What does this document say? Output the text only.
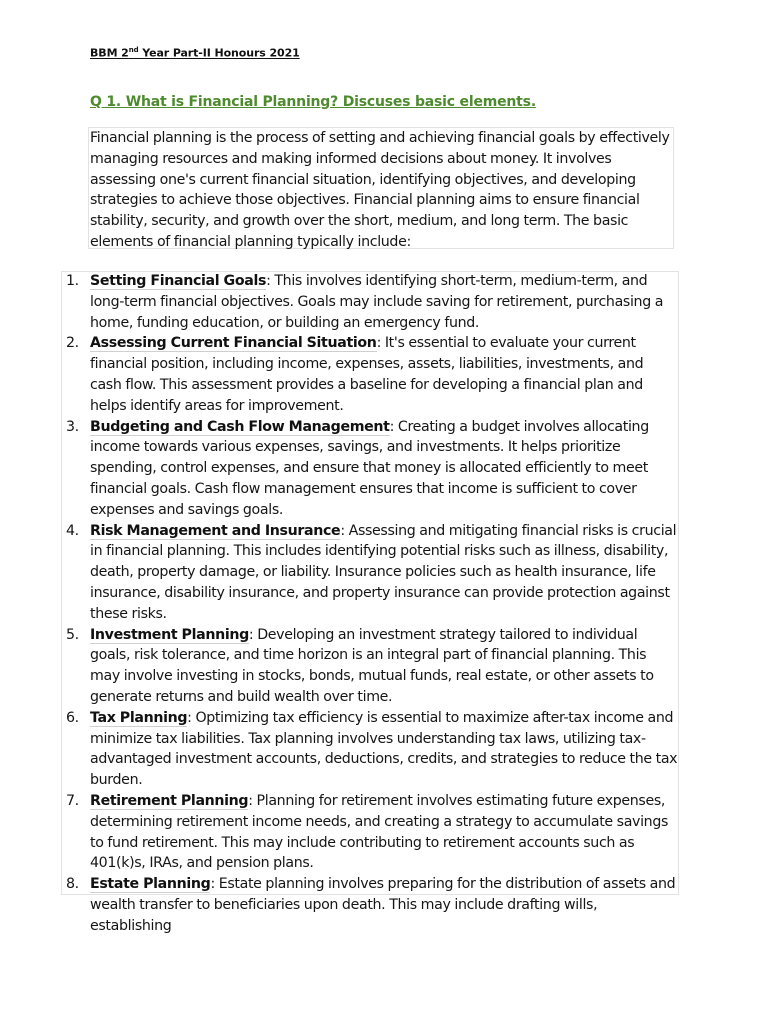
BBM 2nd Year Part-II Honours 2021
Q 1. What is Financial Planning? Discuses basic elements.

Financial planning is the process of setting and achieving financial goals by effectively managing resources and making informed decisions about money. It involves assessing one's current financial situation, identifying objectives, and developing strategies to achieve those objectives. Financial planning aims to ensure financial stability, security, and growth over the short, medium, and long term. The basic elements of financial planning typically include:

1. Setting Financial Goals: This involves identifying short-term, medium-term, and long-term financial objectives. Goals may include saving for retirement, purchasing a home, funding education, or building an emergency fund.
2. Assessing Current Financial Situation: It's essential to evaluate your current financial position, including income, expenses, assets, liabilities, investments, and cash flow. This assessment provides a baseline for developing a financial plan and helps identify areas for improvement.
3. Budgeting and Cash Flow Management: Creating a budget involves allocating income towards various expenses, savings, and investments. It helps prioritize spending, control expenses, and ensure that money is allocated efficiently to meet financial goals. Cash flow management ensures that income is sufficient to cover expenses and savings goals.
4. Risk Management and Insurance: Assessing and mitigating financial risks is crucial in financial planning. This includes identifying potential risks such as illness, disability, death, property damage, or liability. Insurance policies such as health insurance, life insurance, disability insurance, and property insurance can provide protection against these risks.
5. Investment Planning: Developing an investment strategy tailored to individual goals, risk tolerance, and time horizon is an integral part of financial planning. This may involve investing in stocks, bonds, mutual funds, real estate, or other assets to generate returns and build wealth over time.
6. Tax Planning: Optimizing tax efficiency is essential to maximize after-tax income and minimize tax liabilities. Tax planning involves understanding tax laws, utilizing tax-advantaged investment accounts, deductions, credits, and strategies to reduce the tax burden.
7. Retirement Planning: Planning for retirement involves estimating future expenses, determining retirement income needs, and creating a strategy to accumulate savings to fund retirement. This may include contributing to retirement accounts such as 401(k)s, IRAs, and pension plans.
8. Estate Planning: Estate planning involves preparing for the distribution of assets and wealth transfer to beneficiaries upon death. This may include drafting wills, establishing
